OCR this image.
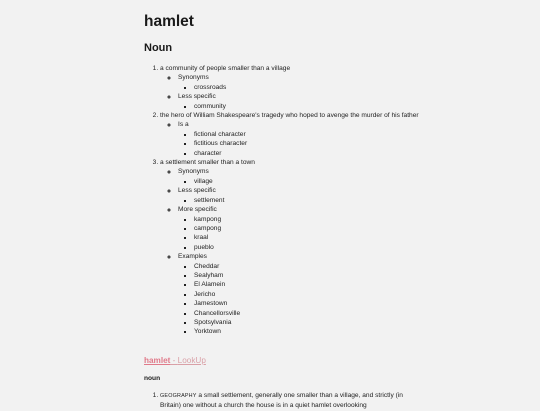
hamlet
Noun
1. a community of people smaller than a village
◦ Synonyms
▪ crossroads
◦ Less specific
▪ community
2. the hero of William Shakespeare's tragedy who hoped to avenge the murder of his father
◦ Is a
▪ fictional character
▪ fictitious character
▪ character
3. a settlement smaller than a town
◦ Synonyms
▪ village
◦ Less specific
▪ settlement
◦ More specific
▪ kampong
▪ campong
▪ kraal
▪ pueblo
◦ Examples
▪ Cheddar
▪ Sealyham
▪ El Alamein
▪ Jericho
▪ Jamestown
▪ Chancellorsville
▪ Spotsylvania
▪ Yorktown
hamlet - LookUp
noun
1. GEOGRAPHY a small settlement, generally one smaller than a village, and strictly (in Britain) one without a church the house is in a quiet hamlet overlooking
